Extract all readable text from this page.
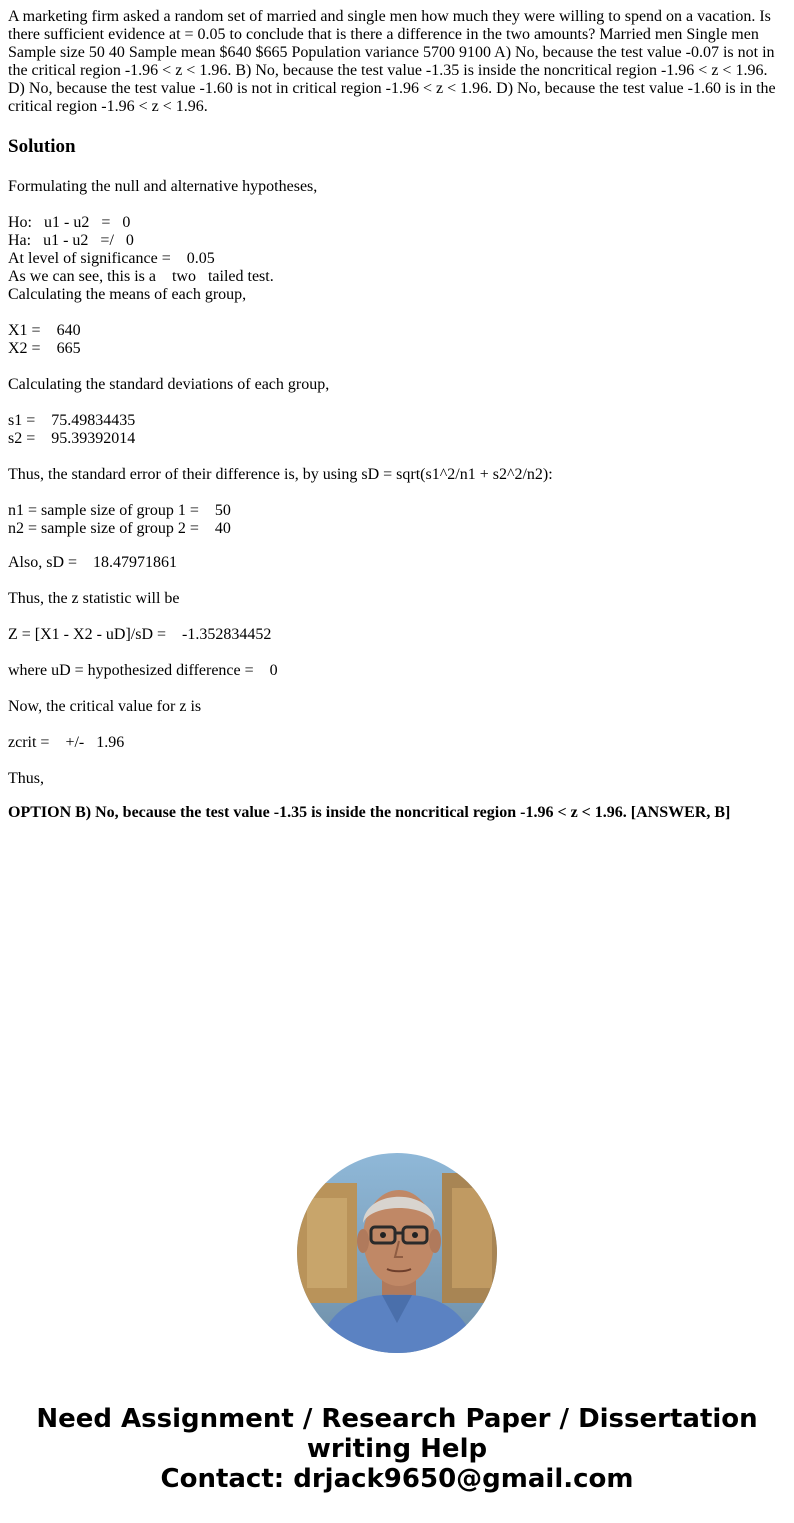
A marketing firm asked a random set of married and single men how much they were willing to spend on a vacation. Is there sufficient evidence at = 0.05 to conclude that is there a difference in the two amounts? Married men Single men Sample size 50 40 Sample mean $640 $665 Population variance 5700 9100 A) No, because the test value -0.07 is not in the critical region -1.96 < z < 1.96. B) No, because the test value -1.35 is inside the noncritical region -1.96 < z < 1.96. D) No, because the test value -1.60 is not in critical region -1.96 < z < 1.96. D) No, because the test value -1.60 is in the critical region -1.96 < z < 1.96.

Solution
Formulating the null and alternative hypotheses,
Ho:   u1 - u2   =   0
Ha:   u1 - u2   =/   0
At level of significance =    0.05
As we can see, this is a    two   tailed test.
Calculating the means of each group,
X1 =    640
X2 =    665
Calculating the standard deviations of each group,
s1 =    75.49834435
s2 =    95.39392014
Thus, the standard error of their difference is, by using sD = sqrt(s1^2/n1 + s2^2/n2):
n1 = sample size of group 1 =    50
n2 = sample size of group 2 =    40
Also, sD =    18.47971861
Thus, the z statistic will be
Z = [X1 - X2 - uD]/sD =    -1.352834452
where uD = hypothesized difference =    0
Now, the critical value for z is
zcrit =    +/-   1.96
Thus,
OPTION B) No, because the test value -1.35 is inside the noncritical region -1.96 < z < 1.96. [ANSWER, B]
Need Assignment / Research Paper / Dissertation
writing Help
Contact: drjack9650@gmail.com
